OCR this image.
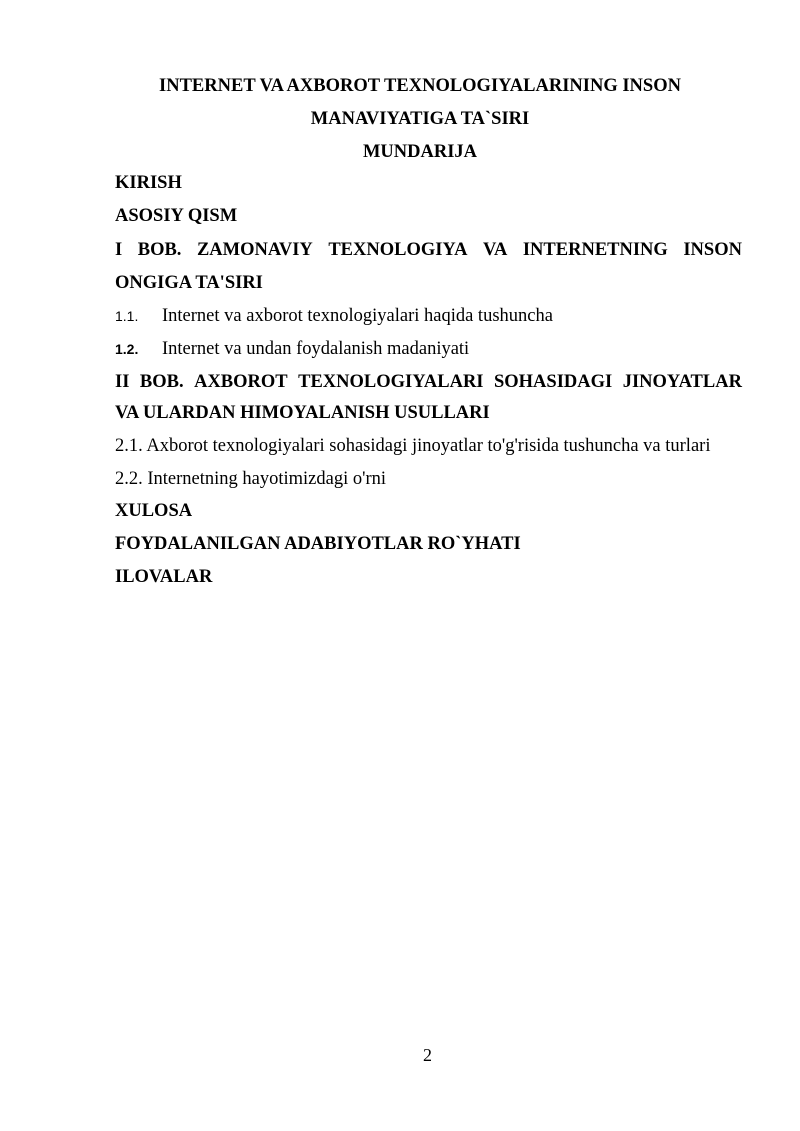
INTERNET VA AXBOROT TEXNOLOGIYALARINING INSON
MANAVIYATIGA TA`SIRI
MUNDARIJA
KIRISH
ASOSIY QISM
I BOB. ZAMONAVIY TEXNOLOGIYA VA INTERNETNING INSON
ONGIGA TA'SIRI
1.1. Internet va axborot texnologiyalari haqida tushuncha
1.2. Internet va undan foydalanish madaniyati
II BOB. AXBOROT TEXNOLOGIYALARI SOHASIDAGI JINOYATLAR
VA ULARDAN HIMOYALANISH USULLARI
2.1. Axborot texnologiyalari sohasidagi jinoyatlar to'g'risida tushuncha va turlari
2.2. Internetning hayotimizdagi o'rni
XULOSA
FOYDALANILGAN ADABIYOTLAR RO`YHATI
ILOVALAR
2
